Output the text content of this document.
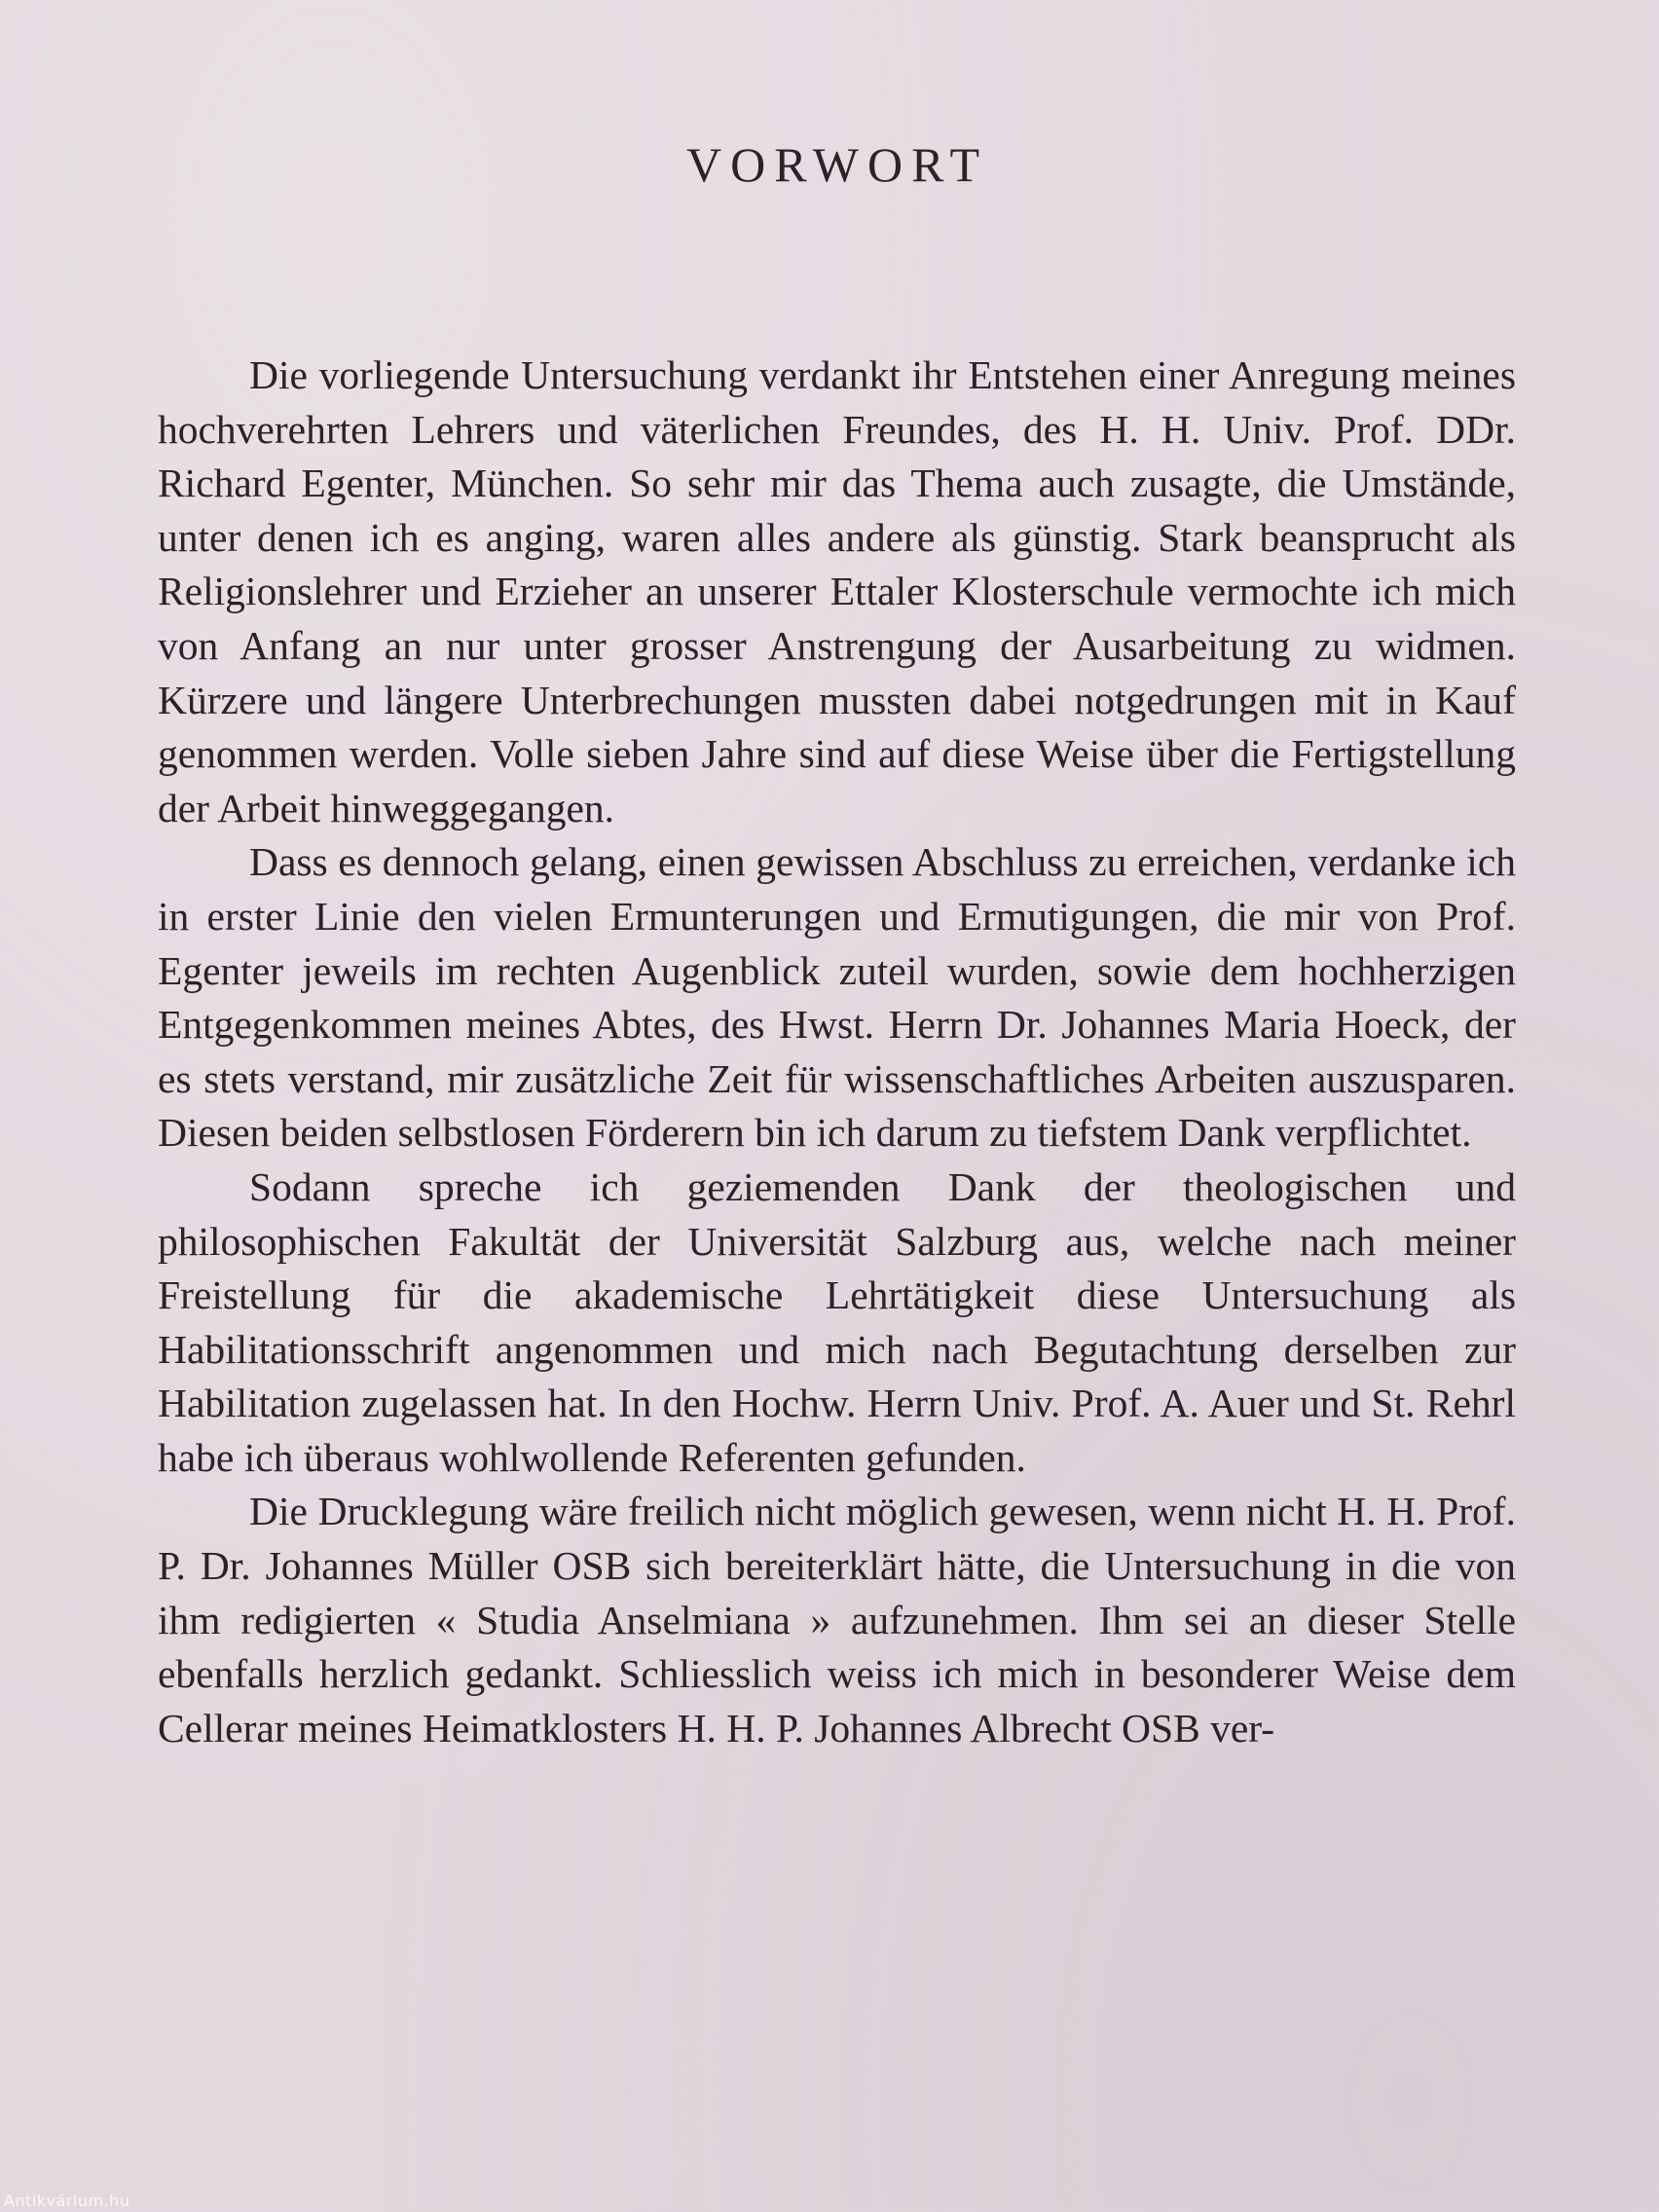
VORWORT

Die vorliegende Untersuchung verdankt ihr Entstehen einer Anregung meines hochverehrten Lehrers und väterlichen Freundes, des H. H. Univ. Prof. DDr. Richard Egenter, München. So sehr mir das Thema auch zusagte, die Umstände, unter denen ich es anging, waren alles andere als günstig. Stark beansprucht als Religionslehrer und Erzieher an unserer Ettaler Klosterschule vermochte ich mich von Anfang an nur unter grosser Anstrengung der Ausarbeitung zu widmen. Kürzere und längere Unterbrechungen mussten dabei notgedrungen mit in Kauf genommen werden. Volle sieben Jahre sind auf diese Weise über die Fertigstellung der Arbeit hinweggegangen.

Dass es dennoch gelang, einen gewissen Abschluss zu erreichen, verdanke ich in erster Linie den vielen Ermunterungen und Ermutigungen, die mir von Prof. Egenter jeweils im rechten Augenblick zuteil wurden, sowie dem hochherzigen Entgegenkommen meines Abtes, des Hwst. Herrn Dr. Johannes Maria Hoeck, der es stets verstand, mir zusätzliche Zeit für wissenschaftliches Arbeiten auszusparen. Diesen beiden selbstlosen Förderern bin ich darum zu tiefstem Dank verpflichtet.

Sodann spreche ich geziemenden Dank der theologischen und philosophischen Fakultät der Universität Salzburg aus, welche nach meiner Freistellung für die akademische Lehrtätigkeit diese Untersuchung als Habilitationsschrift angenommen und mich nach Begutachtung derselben zur Habilitation zugelassen hat. In den Hochw. Herrn Univ. Prof. A. Auer und St. Rehrl habe ich überaus wohlwollende Referenten gefunden.

Die Drucklegung wäre freilich nicht möglich gewesen, wenn nicht H. H. Prof. P. Dr. Johannes Müller OSB sich bereiterklärt hätte, die Untersuchung in die von ihm redigierten « Studia Anselmiana » aufzunehmen. Ihm sei an dieser Stelle ebenfalls herzlich gedankt. Schliesslich weiss ich mich in besonderer Weise dem Cellerar meines Heimatklosters H. H. P. Johannes Albrecht OSB ver-

Antikvárium.hu
